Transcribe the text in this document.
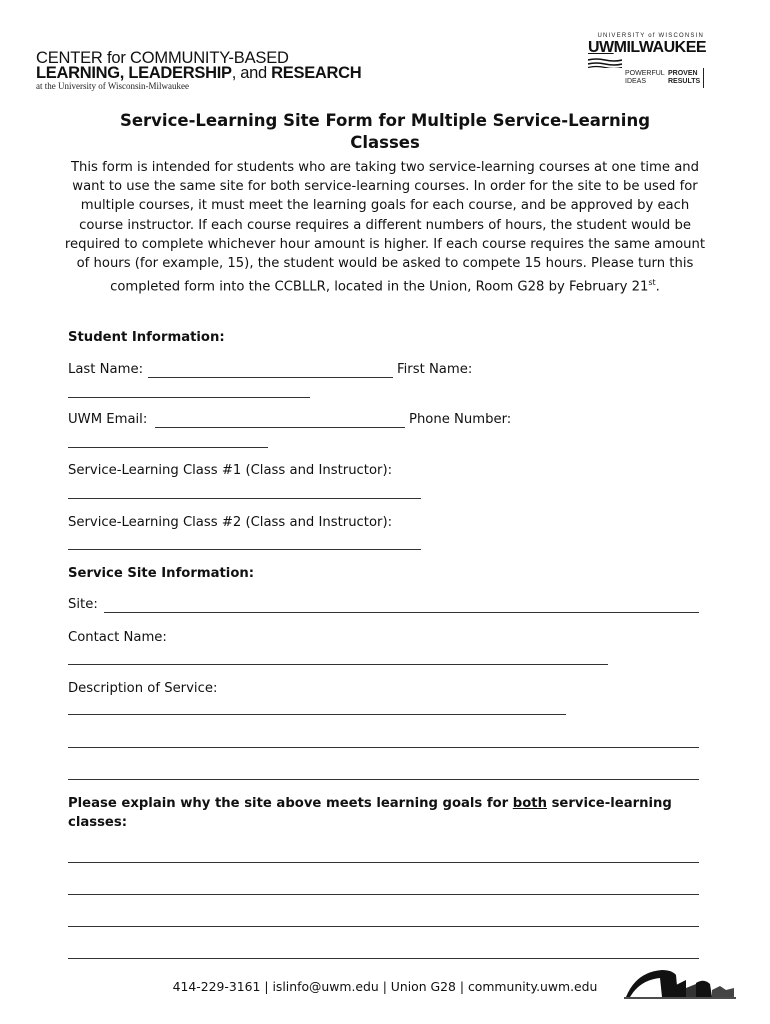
CENTER for COMMUNITY-BASED
LEARNING, LEADERSHIP, and RESEARCH
at the University of Wisconsin-Milwaukee
UNIVERSITY of WISCONSIN
UWMILWAUKEE
POWERFUL
IDEAS
PROVEN
RESULTS
Service-Learning Site Form for Multiple Service-Learning
Classes
This form is intended for students who are taking two service-learning courses at one time and want to use the same site for both service-learning courses. In order for the site to be used for multiple courses, it must meet the learning goals for each course, and be approved by each course instructor. If each course requires a different numbers of hours, the student would be required to complete whichever hour amount is higher. If each course requires the same amount of hours (for example, 15), the student would be asked to compete 15 hours. Please turn this completed form into the CCBLLR, located in the Union, Room G28 by February 21st.
Student Information:
Last Name:	First Name:
UWM Email:	Phone Number:
Service-Learning Class #1 (Class and Instructor):
Service-Learning Class #2 (Class and Instructor):
Service Site Information:
Site:
Contact Name:
Description of Service:
Please explain why the site above meets learning goals for both service-learning
classes:
414-229-3161 | islinfo@uwm.edu | Union G28 | community.uwm.edu
